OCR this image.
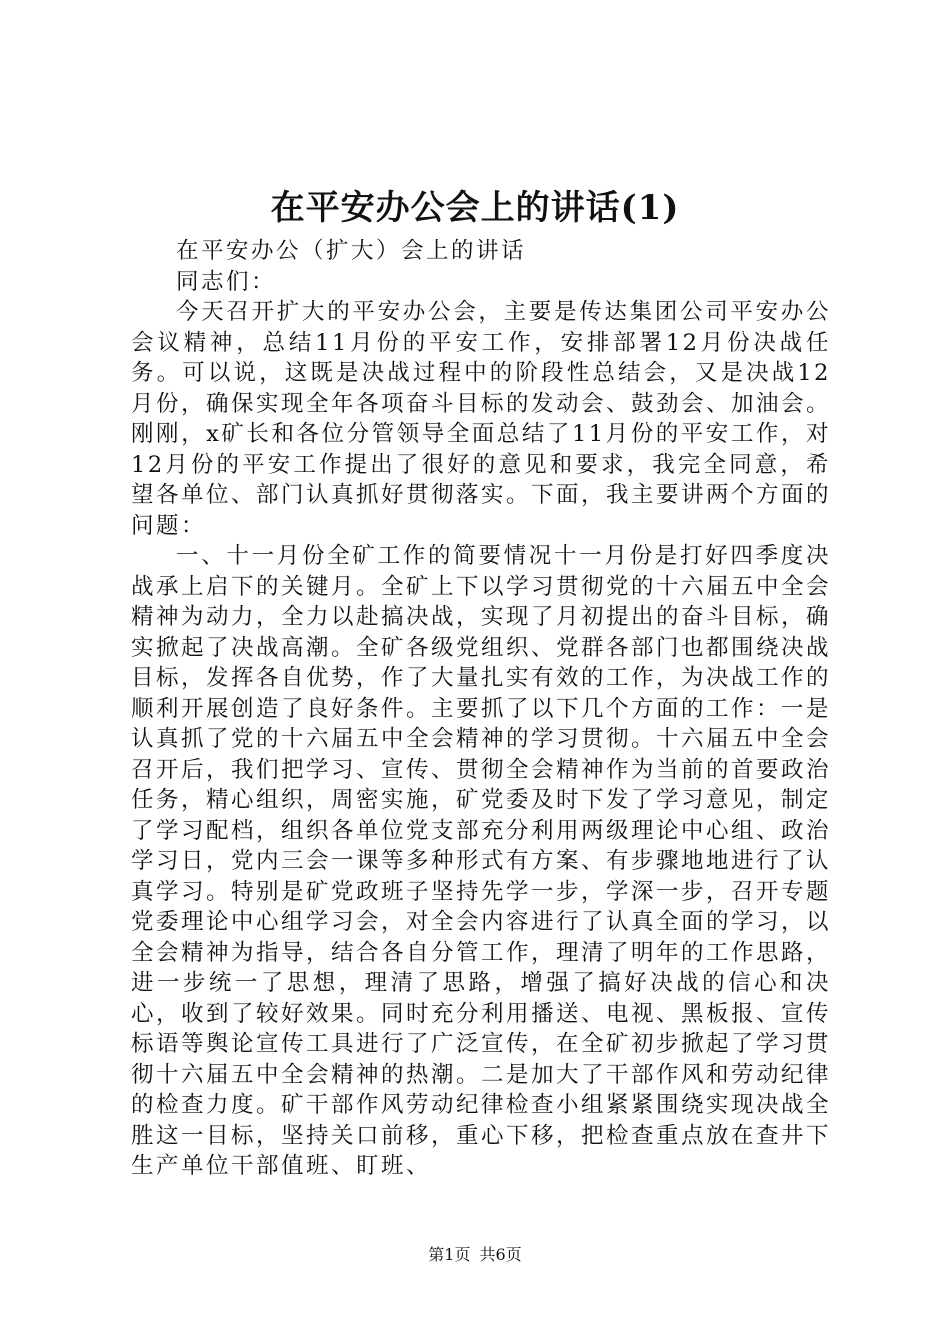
在平安办公会上的讲话(1)

在平安办公（扩大）会上的讲话

同志们：

今天召开扩大的平安办公会，主要是传达集团公司平安办公会议精神，总结11月份的平安工作，安排部署12月份决战任务。可以说，这既是决战过程中的阶段性总结会，又是决战12月份，确保实现全年各项奋斗目标的发动会、鼓劲会、加油会。刚刚，x矿长和各位分管领导全面总结了11月份的平安工作，对12月份的平安工作提出了很好的意见和要求，我完全同意，希望各单位、部门认真抓好贯彻落实。下面，我主要讲两个方面的问题：

一、十一月份全矿工作的简要情况十一月份是打好四季度决战承上启下的关键月。全矿上下以学习贯彻党的十六届五中全会精神为动力，全力以赴搞决战，实现了月初提出的奋斗目标，确实掀起了决战高潮。全矿各级党组织、党群各部门也都围绕决战目标，发挥各自优势，作了大量扎实有效的工作，为决战工作的顺利开展创造了良好条件。主要抓了以下几个方面的工作：一是认真抓了党的十六届五中全会精神的学习贯彻。十六届五中全会召开后，我们把学习、宣传、贯彻全会精神作为当前的首要政治任务，精心组织，周密实施，矿党委及时下发了学习意见，制定了学习配档，组织各单位党支部充分利用两级理论中心组、政治学习日，党内三会一课等多种形式有方案、有步骤地地进行了认真学习。特别是矿党政班子坚持先学一步，学深一步，召开专题党委理论中心组学习会，对全会内容进行了认真全面的学习，以全会精神为指导，结合各自分管工作，理清了明年的工作思路，进一步统一了思想，理清了思路，增强了搞好决战的信心和决心，收到了较好效果。同时充分利用播送、电视、黑板报、宣传标语等舆论宣传工具进行了广泛宣传，在全矿初步掀起了学习贯彻十六届五中全会精神的热潮。二是加大了干部作风和劳动纪律的检查力度。矿干部作风劳动纪律检查小组紧紧围绕实现决战全胜这一目标，坚持关口前移，重心下移，把检查重点放在查井下生产单位干部值班、盯班、

第1页 共6页
